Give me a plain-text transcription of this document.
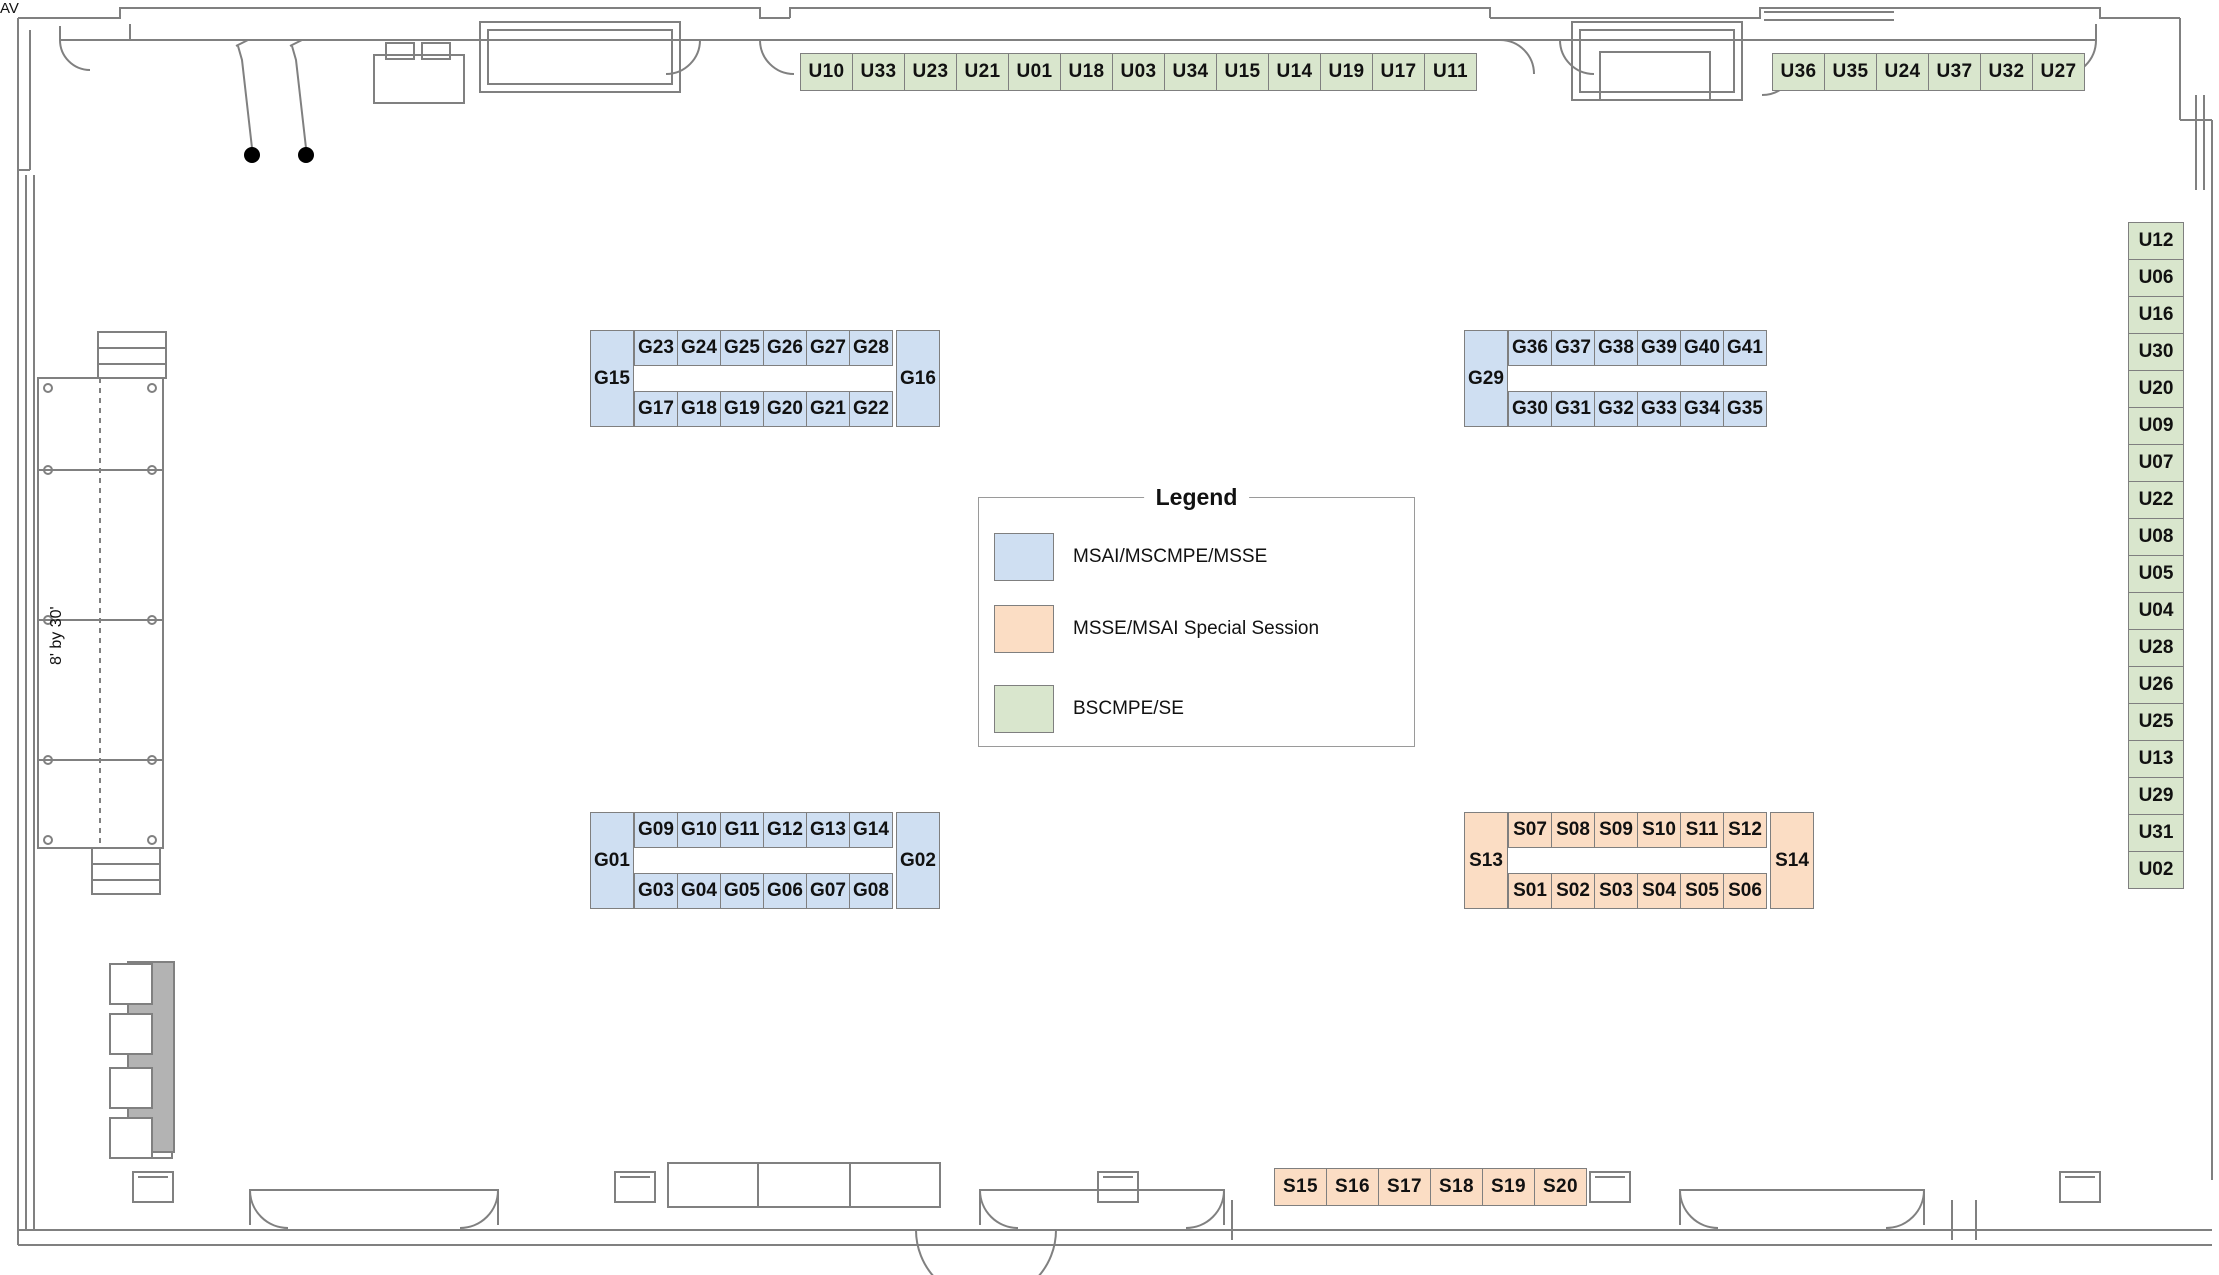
AV
8' by 30'
U10 U33 U23 U21 U01 U18 U03 U34 U15 U14 U19 U17 U11	U36 U35 U24 U37 U32 U27
U12
U06
U16
U30
U20
U09
U07
U22
U08
U05
U04
U28
U26
U25
U13
U29
U31
U02
G15	G16
G23 G24 G25 G26 G27 G28
G17 G18 G19 G20 G21 G22
G29
G36 G37 G38 G39 G40 G41
G30 G31 G32 G33 G34 G35
G01	G02
G09 G10 G11 G12 G13 G14
G03 G04 G05 G06 G07 G08
S13	S14
S07 S08 S09 S10 S11 S12
S01 S02 S03 S04 S05 S06
S15 S16 S17 S18 S19 S20
Legend
MSAI/MSCMPE/MSSE
MSSE/MSAI Special Session
BSCMPE/SE
